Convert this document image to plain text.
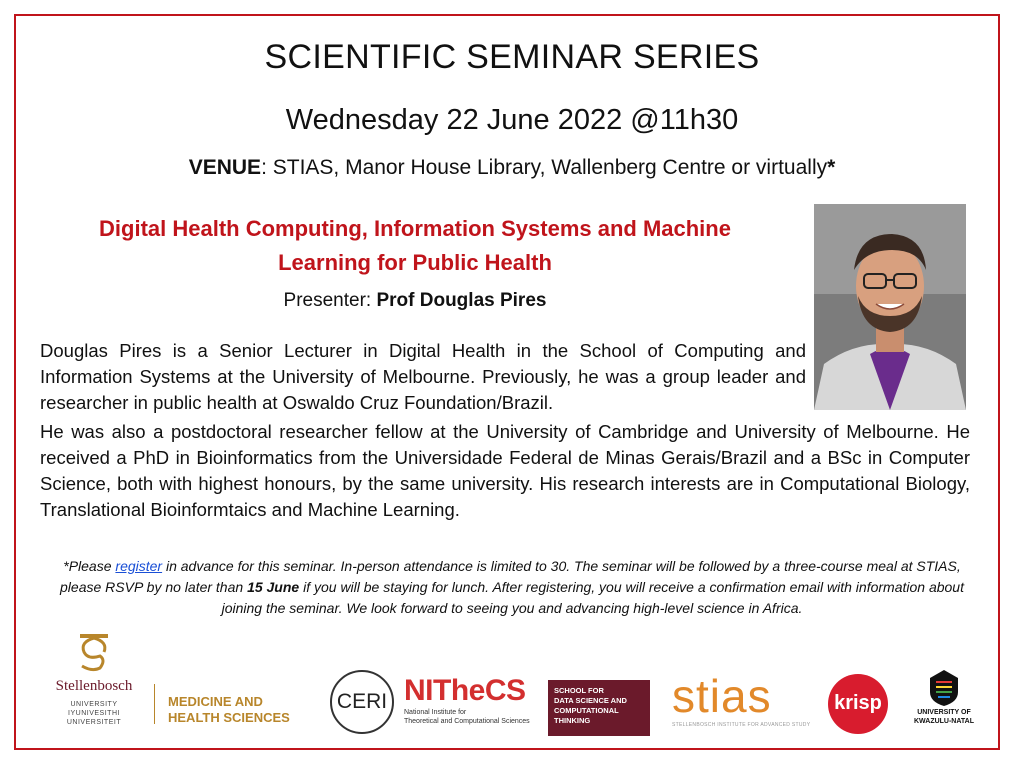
SCIENTIFIC SEMINAR SERIES
Wednesday 22 June 2022 @11h30
VENUE: STIAS, Manor House Library, Wallenberg Centre or virtually*
Digital Health Computing, Information Systems and Machine
Learning for Public Health
Presenter: Prof Douglas Pires
Douglas Pires is a Senior Lecturer in Digital Health in the School of Computing and Information Systems at the University of Melbourne. Previously, he was a group leader and researcher in public health at Oswaldo Cruz Foundation/Brazil.
He was also a postdoctoral researcher fellow at the University of Cambridge and University of Melbourne. He received a PhD in Bioinformatics from the Universidade Federal de Minas Gerais/Brazil and a BSc in Computer Science, both with highest honours, by the same university. His research interests are in Computational Biology, Translational Bioinformtaics and Machine Learning.
*Please register in advance for this seminar. In-person attendance is limited to 30. The seminar will be followed by a three-course meal at STIAS, please RSVP by no later than 15 June if you will be staying for lunch. After registering, you will receive a confirmation email with information about joining the seminar. We look forward to seeing you and advancing high-level science in Africa.
Stellenbosch
UNIVERSITY
IYUNIVESITHI
UNIVERSITEIT
MEDICINE AND
HEALTH SCIENCES
CERI NITheCS
National Institute for
Theoretical and Computational Sciences
SCHOOL FOR
DATA SCIENCE AND
COMPUTATIONAL
THINKING	stias
STELLENBOSCH INSTITUTE FOR ADVANCED STUDY
krisp	UNIVERSITY OF
KWAZULU-NATAL
